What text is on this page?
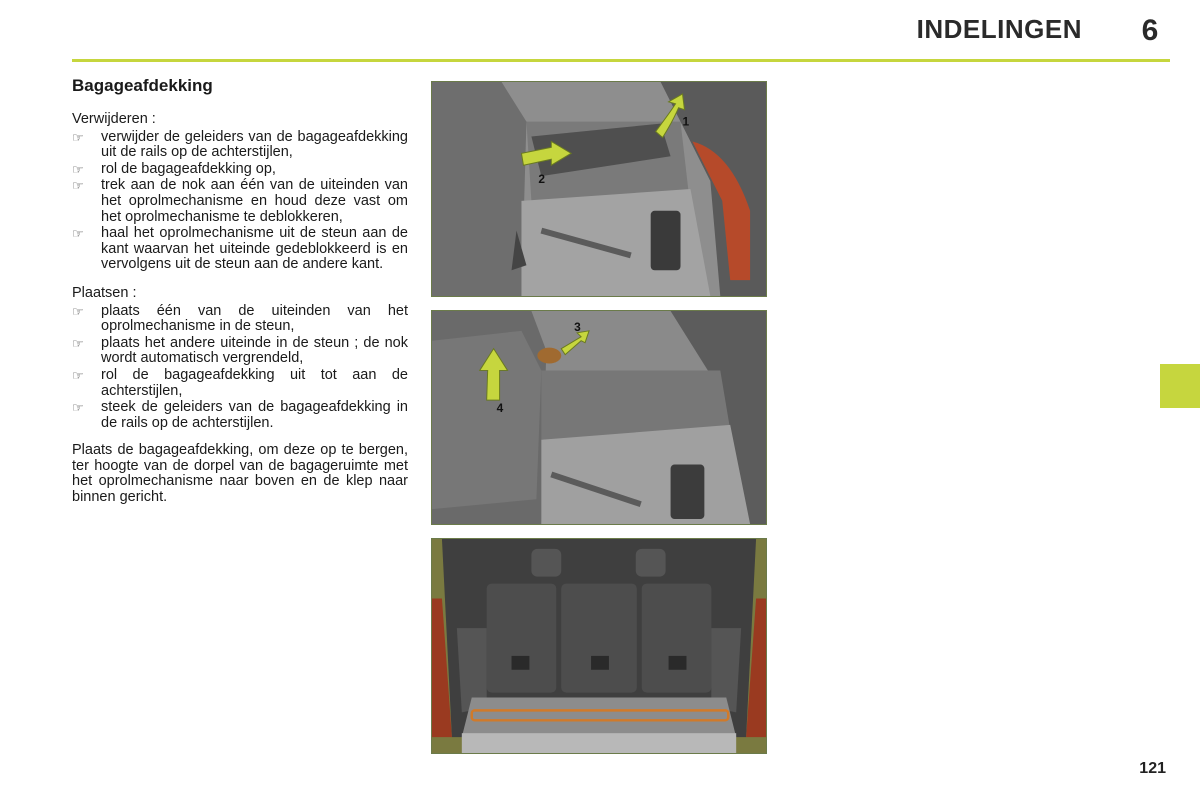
INDELINGEN	6
Bagageafdekking
Verwijderen :
☞ verwijder de geleiders van de bagageafdekking uit de rails op de achterstijlen,
☞ rol de bagageafdekking op,
☞ trek aan de nok aan één van de uiteinden van het oprolmechanisme en houd deze vast om het oprolmechanisme te deblokkeren,
☞ haal het oprolmechanisme uit de steun aan de kant waarvan het uiteinde gedeblokkeerd is en vervolgens uit de steun aan de andere kant.
Plaatsen :
☞ plaats één van de uiteinden van het oprolmechanisme in de steun,
☞ plaats het andere uiteinde in de steun ; de nok wordt automatisch vergrendeld,
☞ rol de bagageafdekking uit tot aan de achterstijlen,
☞ steek de geleiders van de bagageafdekking in de rails op de achterstijlen.
Plaats de bagageafdekking, om deze op te bergen, ter hoogte van de dorpel van de bagageruimte met het oprolmechanisme naar boven en de klep naar binnen gericht.
1
2
3
4
121
